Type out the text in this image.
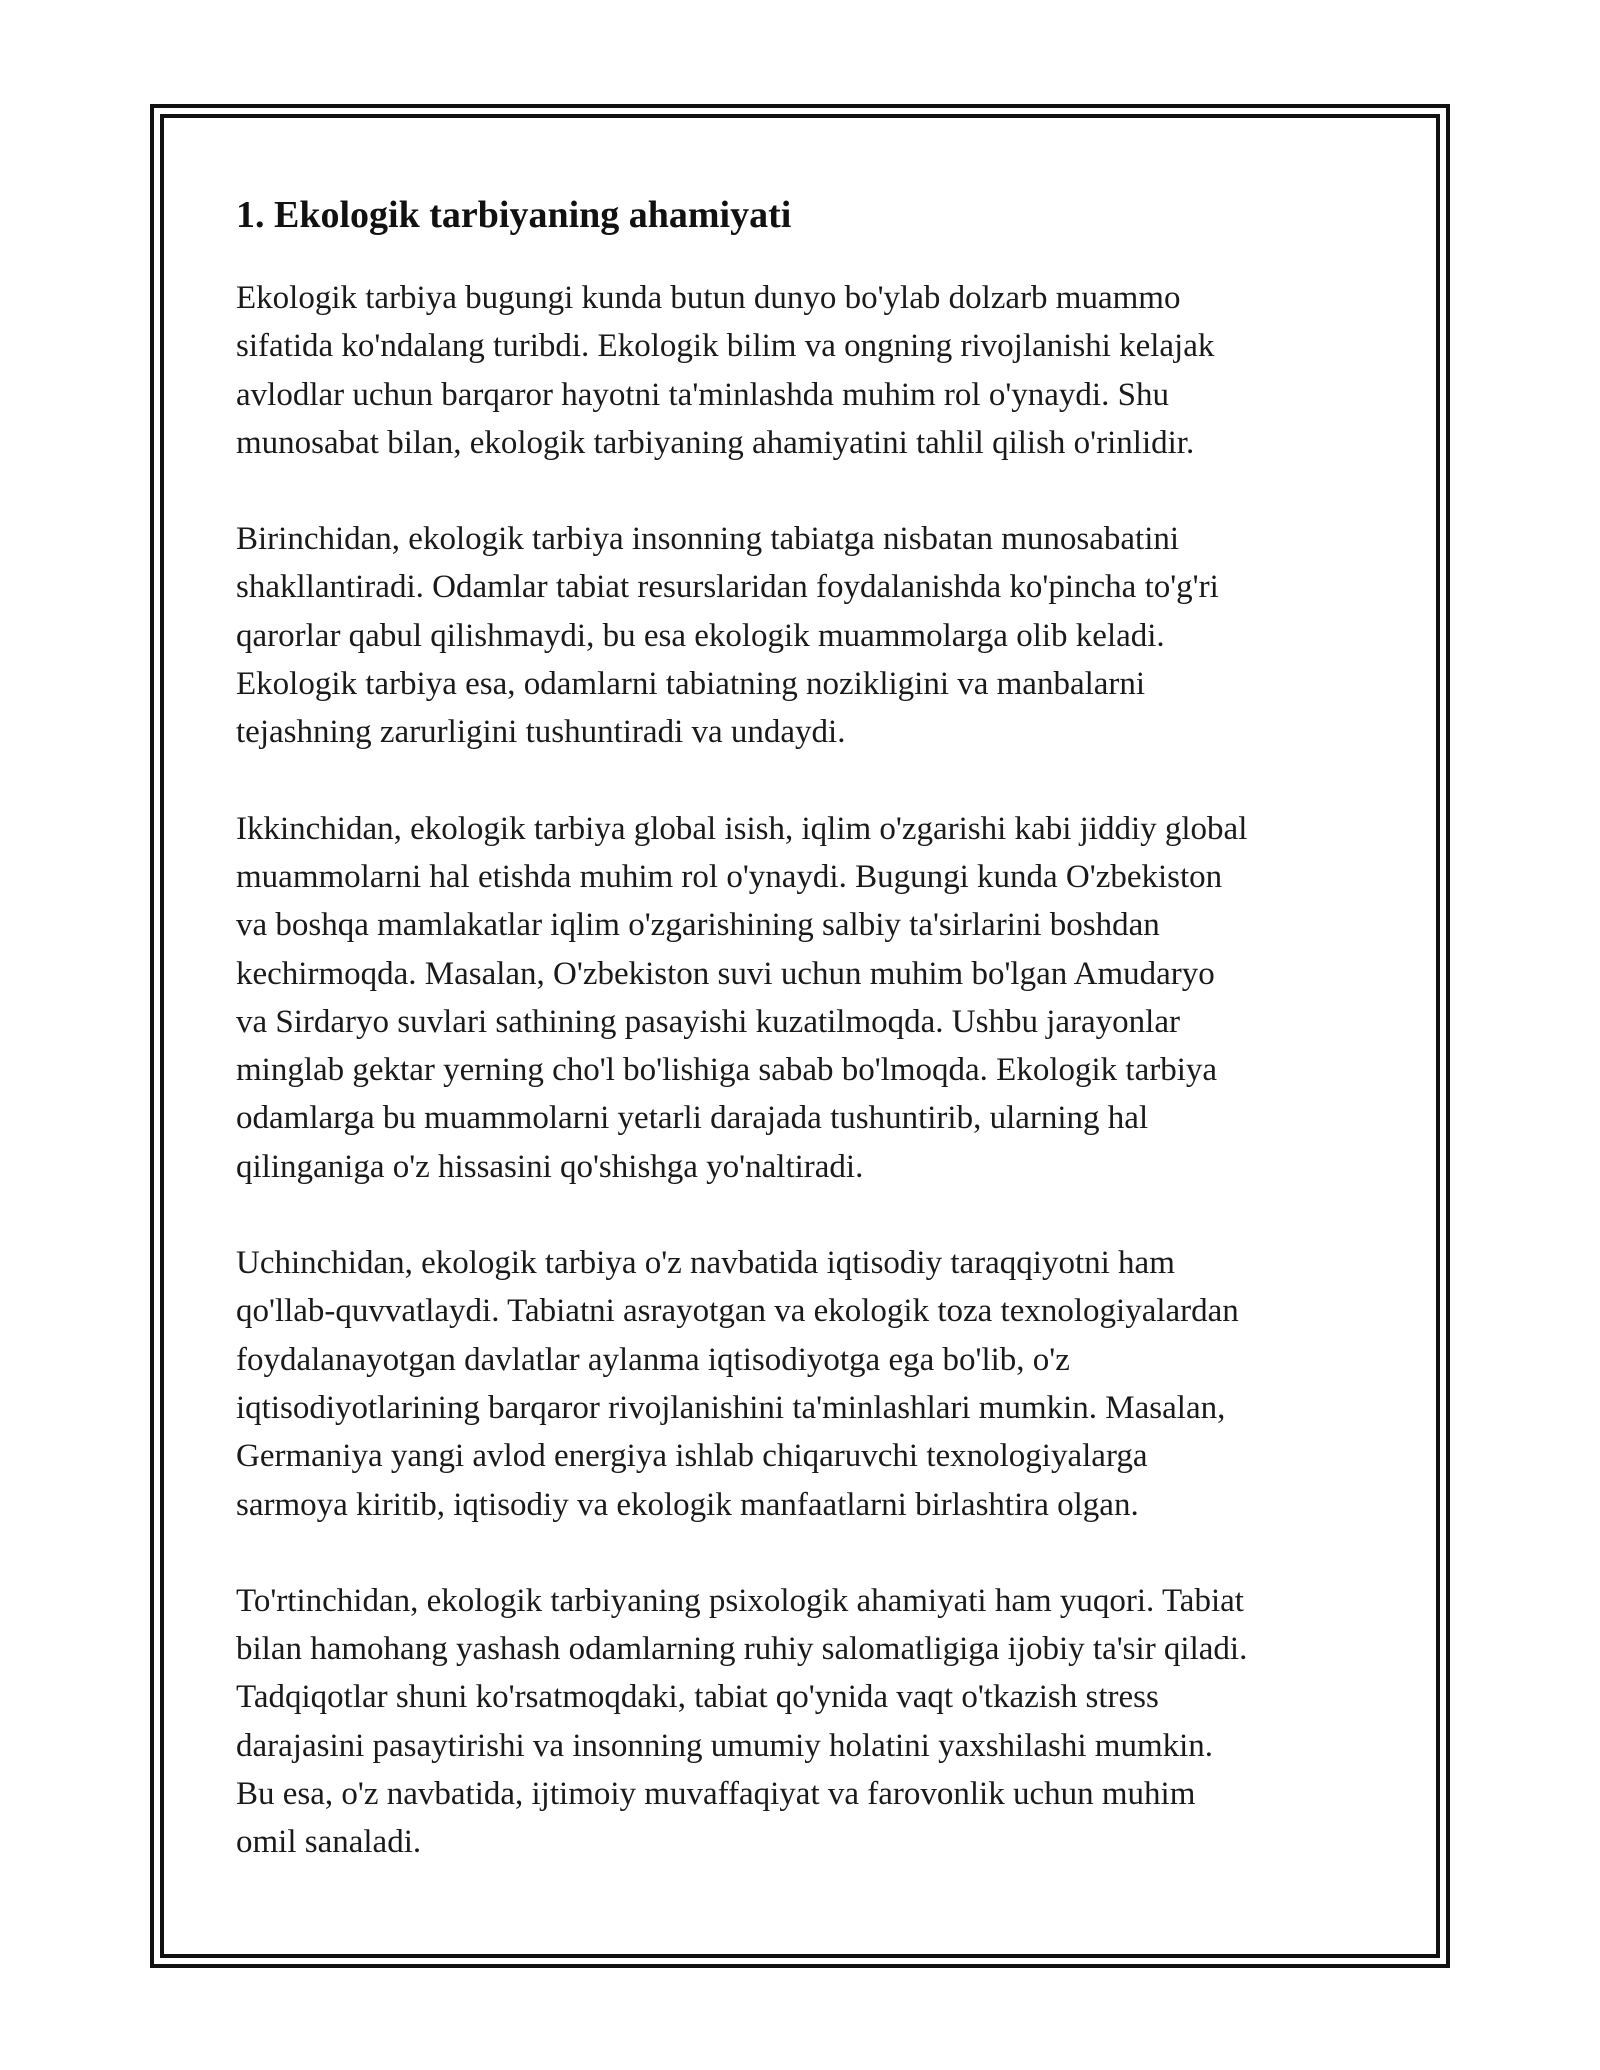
1. Ekologik tarbiyaning ahamiyati

Ekologik tarbiya bugungi kunda butun dunyo bo'ylab dolzarb muammo
sifatida ko'ndalang turibdi. Ekologik bilim va ongning rivojlanishi kelajak
avlodlar uchun barqaror hayotni ta'minlashda muhim rol o'ynaydi. Shu
munosabat bilan, ekologik tarbiyaning ahamiyatini tahlil qilish o'rinlidir.

Birinchidan, ekologik tarbiya insonning tabiatga nisbatan munosabatini
shakllantiradi. Odamlar tabiat resurslaridan foydalanishda ko'pincha to'g'ri
qarorlar qabul qilishmaydi, bu esa ekologik muammolarga olib keladi.
Ekologik tarbiya esa, odamlarni tabiatning nozikligini va manbalarni
tejashning zarurligini tushuntiradi va undaydi.

Ikkinchidan, ekologik tarbiya global isish, iqlim o'zgarishi kabi jiddiy global
muammolarni hal etishda muhim rol o'ynaydi. Bugungi kunda O'zbekiston
va boshqa mamlakatlar iqlim o'zgarishining salbiy ta'sirlarini boshdan
kechirmoqda. Masalan, O'zbekiston suvi uchun muhim bo'lgan Amudaryo
va Sirdaryo suvlari sathining pasayishi kuzatilmoqda. Ushbu jarayonlar
minglab gektar yerning cho'l bo'lishiga sabab bo'lmoqda. Ekologik tarbiya
odamlarga bu muammolarni yetarli darajada tushuntirib, ularning hal
qilinganiga o'z hissasini qo'shishga yo'naltiradi.

Uchinchidan, ekologik tarbiya o'z navbatida iqtisodiy taraqqiyotni ham
qo'llab-quvvatlaydi. Tabiatni asrayotgan va ekologik toza texnologiyalardan
foydalanayotgan davlatlar aylanma iqtisodiyotga ega bo'lib, o'z
iqtisodiyotlarining barqaror rivojlanishini ta'minlashlari mumkin. Masalan,
Germaniya yangi avlod energiya ishlab chiqaruvchi texnologiyalarga
sarmoya kiritib, iqtisodiy va ekologik manfaatlarni birlashtira olgan.

To'rtinchidan, ekologik tarbiyaning psixologik ahamiyati ham yuqori. Tabiat
bilan hamohang yashash odamlarning ruhiy salomatligiga ijobiy ta'sir qiladi.
Tadqiqotlar shuni ko'rsatmoqdaki, tabiat qo'ynida vaqt o'tkazish stress
darajasini pasaytirishi va insonning umumiy holatini yaxshilashi mumkin.
Bu esa, o'z navbatida, ijtimoiy muvaffaqiyat va farovonlik uchun muhim
omil sanaladi.
